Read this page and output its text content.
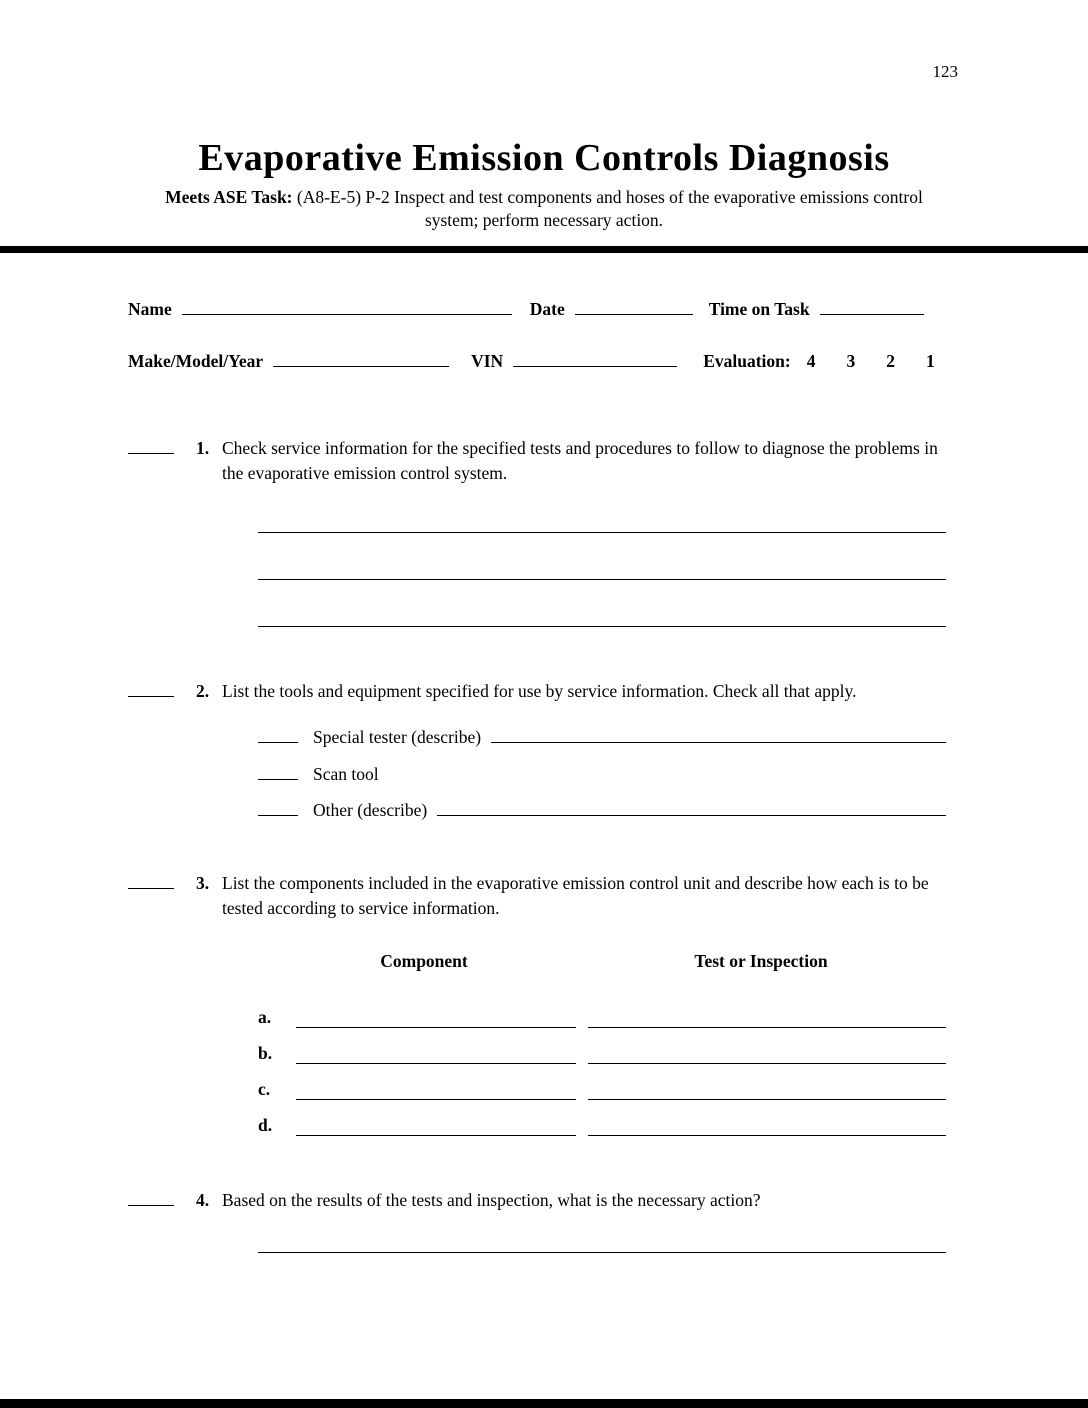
123
Evaporative Emission Controls Diagnosis

Meets ASE Task: (A8-E-5) P-2 Inspect and test components and hoses of the evaporative emissions control system; perform necessary action.

Name	Date	Time on Task
Make/Model/Year	VIN	Evaluation: 4 3 2 1
1. Check service information for the specified tests and procedures to follow to diagnose the problems in the evaporative emission control system.
2. List the tools and equipment specified for use by service information. Check all that apply.
Special tester (describe)
Scan tool
Other (describe)
3. List the components included in the evaporative emission control unit and describe how each is to be tested according to service information.
Component	Test or Inspection
a.
b.
c.
d.
4. Based on the results of the tests and inspection, what is the necessary action?
